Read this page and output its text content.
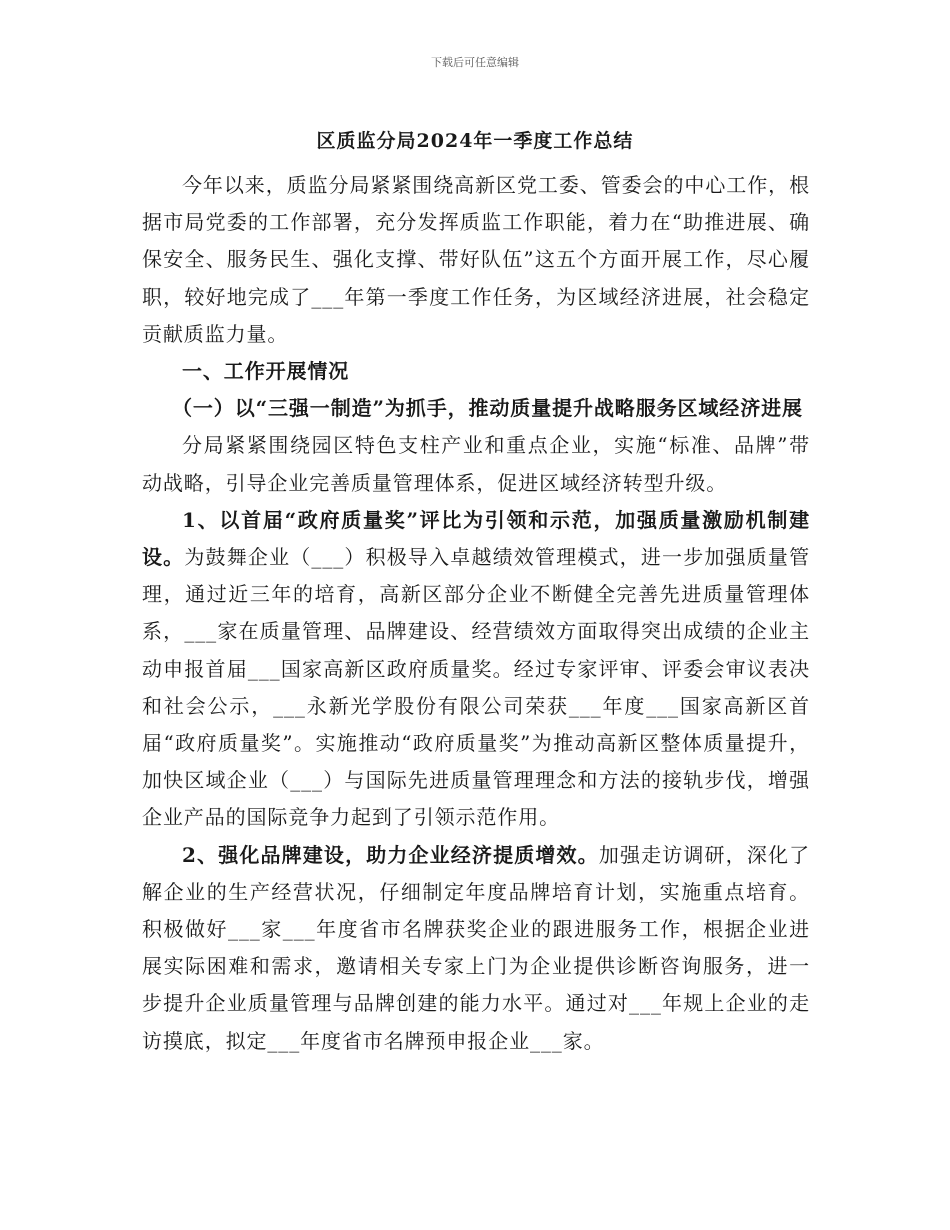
下载后可任意编辑
区质监分局2024年一季度工作总结

今年以来，质监分局紧紧围绕高新区党工委、管委会的中心工作，根据市局党委的工作部署，充分发挥质监工作职能，着力在“助推进展、确保安全、服务民生、强化支撑、带好队伍”这五个方面开展工作，尽心履职，较好地完成了___年第一季度工作任务，为区域经济进展，社会稳定贡献质监力量。

一、工作开展情况

（一）以“三强一制造”为抓手，推动质量提升战略服务区域经济进展

分局紧紧围绕园区特色支柱产业和重点企业，实施“标准、品牌”带动战略，引导企业完善质量管理体系，促进区域经济转型升级。

1、以首届“政府质量奖”评比为引领和示范，加强质量激励机制建设。为鼓舞企业（___）积极导入卓越绩效管理模式，进一步加强质量管理，通过近三年的培育，高新区部分企业不断健全完善先进质量管理体系，___家在质量管理、品牌建设、经营绩效方面取得突出成绩的企业主动申报首届___国家高新区政府质量奖。经过专家评审、评委会审议表决和社会公示，___永新光学股份有限公司荣获___年度___国家高新区首届“政府质量奖”。实施推动“政府质量奖”为推动高新区整体质量提升，加快区域企业（___）与国际先进质量管理理念和方法的接轨步伐，增强企业产品的国际竞争力起到了引领示范作用。

2、强化品牌建设，助力企业经济提质增效。加强走访调研，深化了解企业的生产经营状况，仔细制定年度品牌培育计划，实施重点培育。积极做好___家___年度省市名牌获奖企业的跟进服务工作，根据企业进展实际困难和需求，邀请相关专家上门为企业提供诊断咨询服务，进一步提升企业质量管理与品牌创建的能力水平。通过对___年规上企业的走访摸底，拟定___年度省市名牌预申报企业___家。
